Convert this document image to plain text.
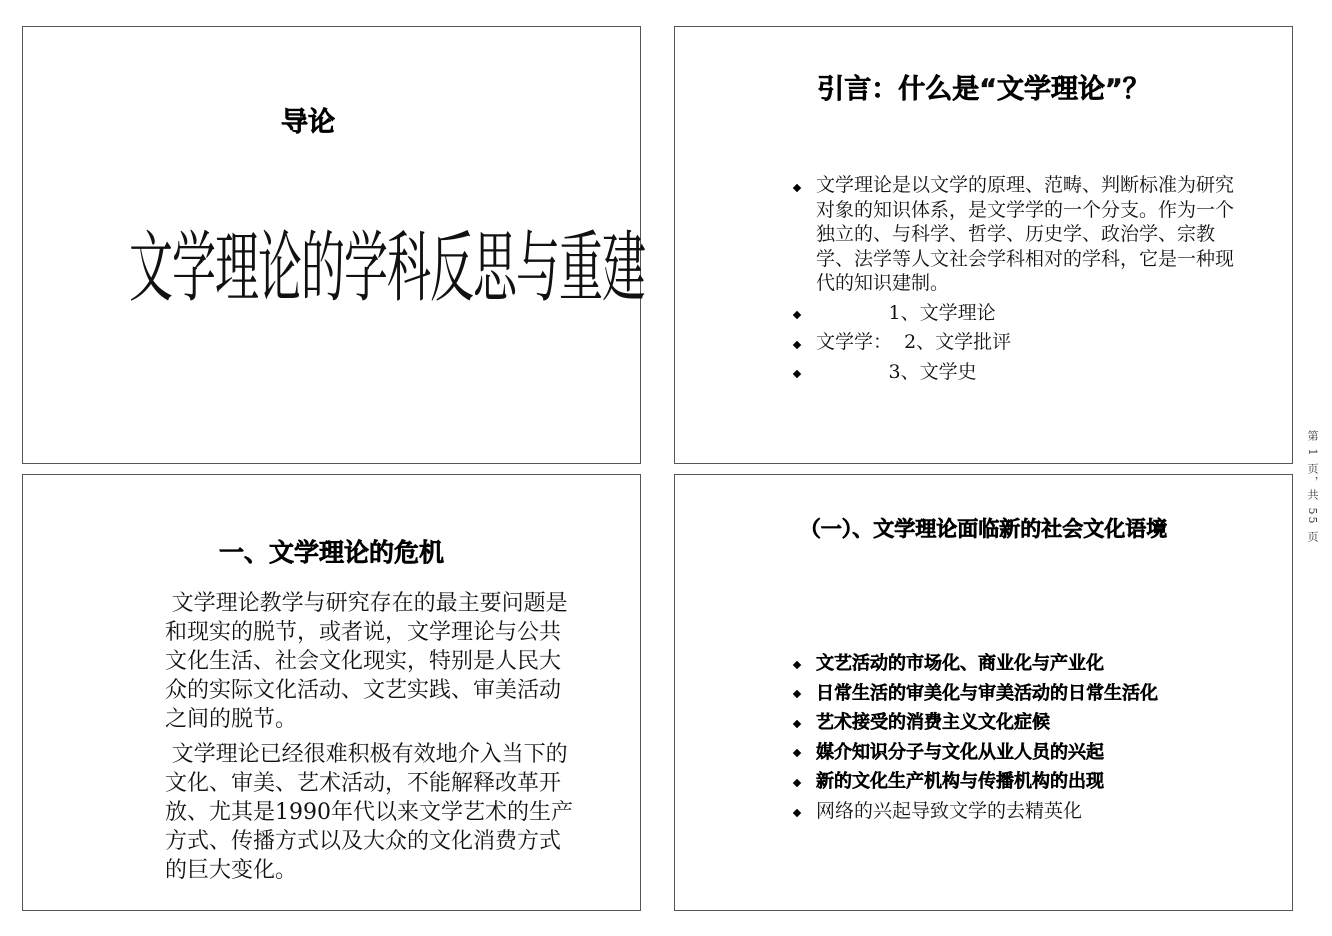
导论
文学理论的学科反思与重建
引言：什么是“文学理论”？
文学理论是以文学的原理、范畴、判断标准为研究对象的知识体系，是文学学的一个分支。作为一个独立的、与科学、哲学、历史学、政治学、宗教学、法学等人文社会学科相对的学科，它是一种现代的知识建制。
1、文学理论
文学学：  2、文学批评
3、文学史
一、文学理论的危机

文学理论教学与研究存在的最主要问题是和现实的脱节，或者说，文学理论与公共文化生活、社会文化现实，特别是人民大众的实际文化活动、文艺实践、审美活动之间的脱节。

文学理论已经很难积极有效地介入当下的文化、审美、艺术活动，不能解释改革开放、尤其是1990年代以来文学艺术的生产方式、传播方式以及大众的文化消费方式的巨大变化。

（一）、文学理论面临新的社会文化语境
文艺活动的市场化、商业化与产业化
日常生活的审美化与审美活动的日常生活化
艺术接受的消费主义文化症候
媒介知识分子与文化从业人员的兴起
新的文化生产机构与传播机构的出现
网络的兴起导致文学的去精英化
第 1 页，共 55 页
